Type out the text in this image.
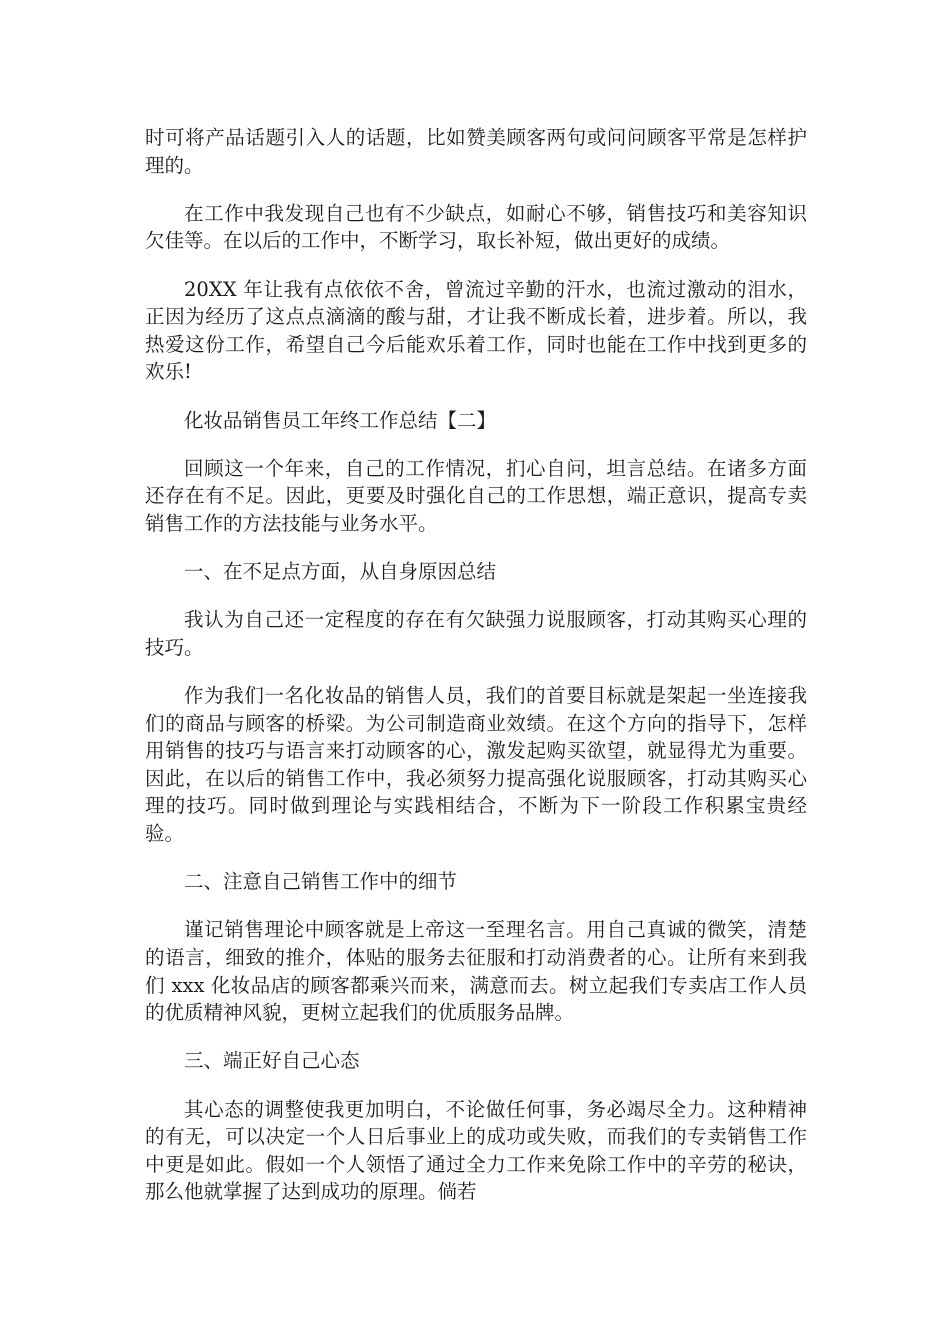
时可将产品话题引入人的话题，比如赞美顾客两句或问问顾客平常是怎样护理的。

在工作中我发现自己也有不少缺点，如耐心不够，销售技巧和美容知识欠佳等。在以后的工作中，不断学习，取长补短，做出更好的成绩。

20XX 年让我有点依依不舍，曾流过辛勤的汗水，也流过激动的泪水，正因为经历了这点点滴滴的酸与甜，才让我不断成长着，进步着。所以，我热爱这份工作，希望自己今后能欢乐着工作，同时也能在工作中找到更多的欢乐!

化妆品销售员工年终工作总结【二】

回顾这一个年来，自己的工作情况，扪心自问，坦言总结。在诸多方面还存在有不足。因此，更要及时强化自己的工作思想，端正意识，提高专卖销售工作的方法技能与业务水平。

一、在不足点方面，从自身原因总结

我认为自己还一定程度的存在有欠缺强力说服顾客，打动其购买心理的技巧。

作为我们一名化妆品的销售人员，我们的首要目标就是架起一坐连接我们的商品与顾客的桥梁。为公司制造商业效绩。在这个方向的指导下，怎样用销售的技巧与语言来打动顾客的心，激发起购买欲望，就显得尤为重要。因此，在以后的销售工作中，我必须努力提高强化说服顾客，打动其购买心理的技巧。同时做到理论与实践相结合，不断为下一阶段工作积累宝贵经验。

二、注意自己销售工作中的细节

谨记销售理论中顾客就是上帝这一至理名言。用自己真诚的微笑，清楚的语言，细致的推介，体贴的服务去征服和打动消费者的心。让所有来到我们 xxx 化妆品店的顾客都乘兴而来，满意而去。树立起我们专卖店工作人员的优质精神风貌，更树立起我们的优质服务品牌。

三、端正好自己心态

其心态的调整使我更加明白，不论做任何事，务必竭尽全力。这种精神的有无，可以决定一个人日后事业上的成功或失败，而我们的专卖销售工作中更是如此。假如一个人领悟了通过全力工作来免除工作中的辛劳的秘诀，那么他就掌握了达到成功的原理。倘若
